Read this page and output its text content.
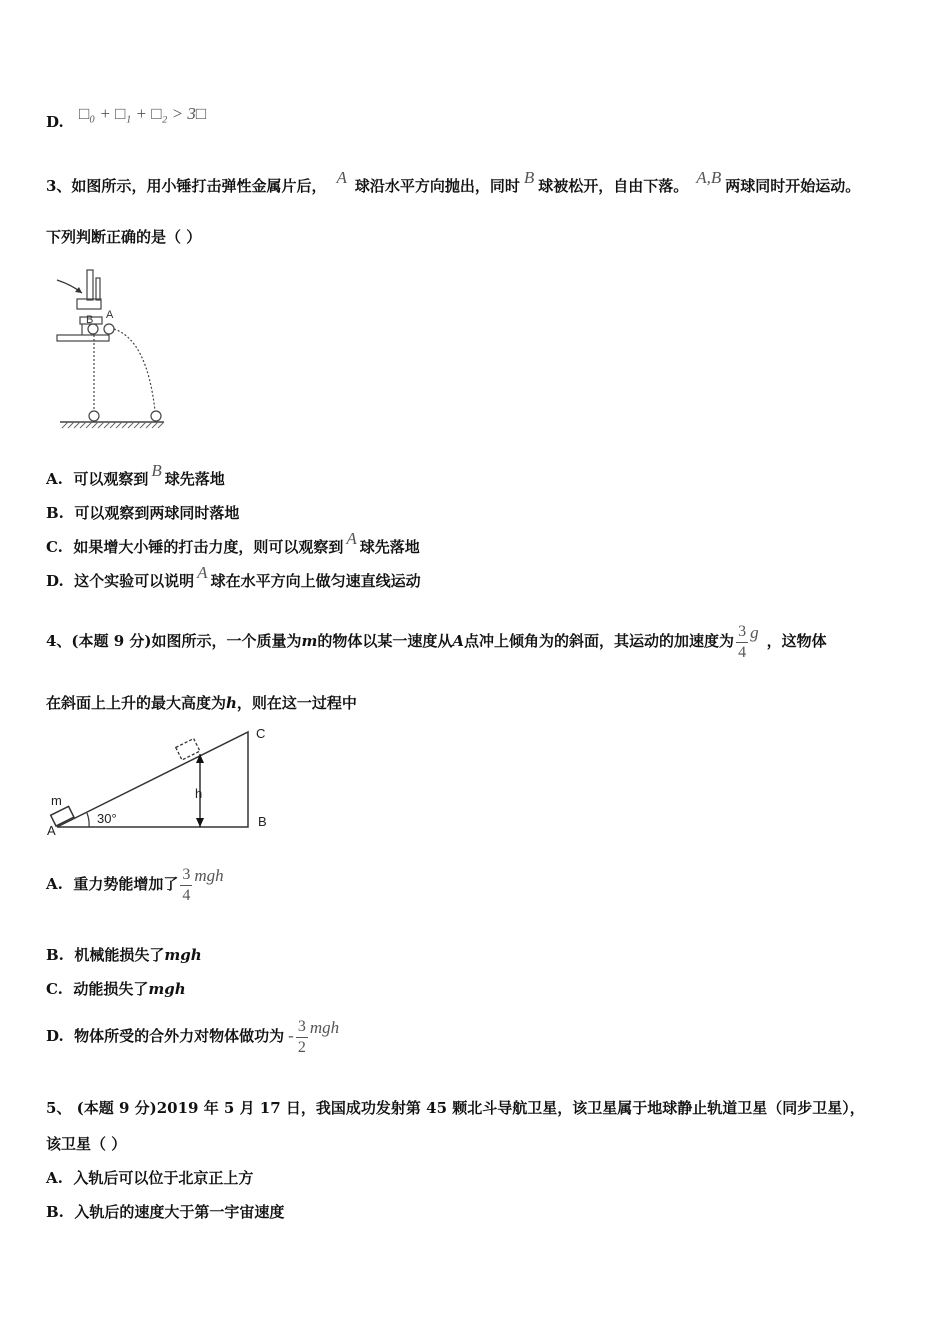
D. □₀ + □₁ + □₂ > 3□
3、如图所示，用小锤打击弹性金属片后， A 球沿水平方向抛出，同时 B 球被松开，自由下落。 A,B 两球同时开始运动。
下列判断正确的是（ ）
B A
A. 可以观察到 B 球先落地
B. 可以观察到两球同时落地
C. 如果增大小锤的打击力度，则可以观察到 A 球先落地
D. 这个实验可以说明 A 球在水平方向上做匀速直线运动
4、(本题 9 分)如图所示，一个质量为m的物体以某一速度从A点冲上倾角为的斜面，其运动的加速度为 $\frac{3}{4}$ g ，这物体
在斜面上上升的最大高度为h，则在这一过程中
m
A
B
C
h
30°
A. 重力势能增加了 $\frac{3}{4}$ mgh
B. 机械能损失了mgh
C. 动能损失了mgh
D. 物体所受的合外力对物体做功为 - $\frac{3}{2}$ mgh
5、 (本题 9 分)2019 年 5 月 17 日，我国成功发射第 45 颗北斗导航卫星，该卫星属于地球静止轨道卫星（同步卫星），
该卫星（ ）
A. 入轨后可以位于北京正上方
B. 入轨后的速度大于第一宇宙速度
